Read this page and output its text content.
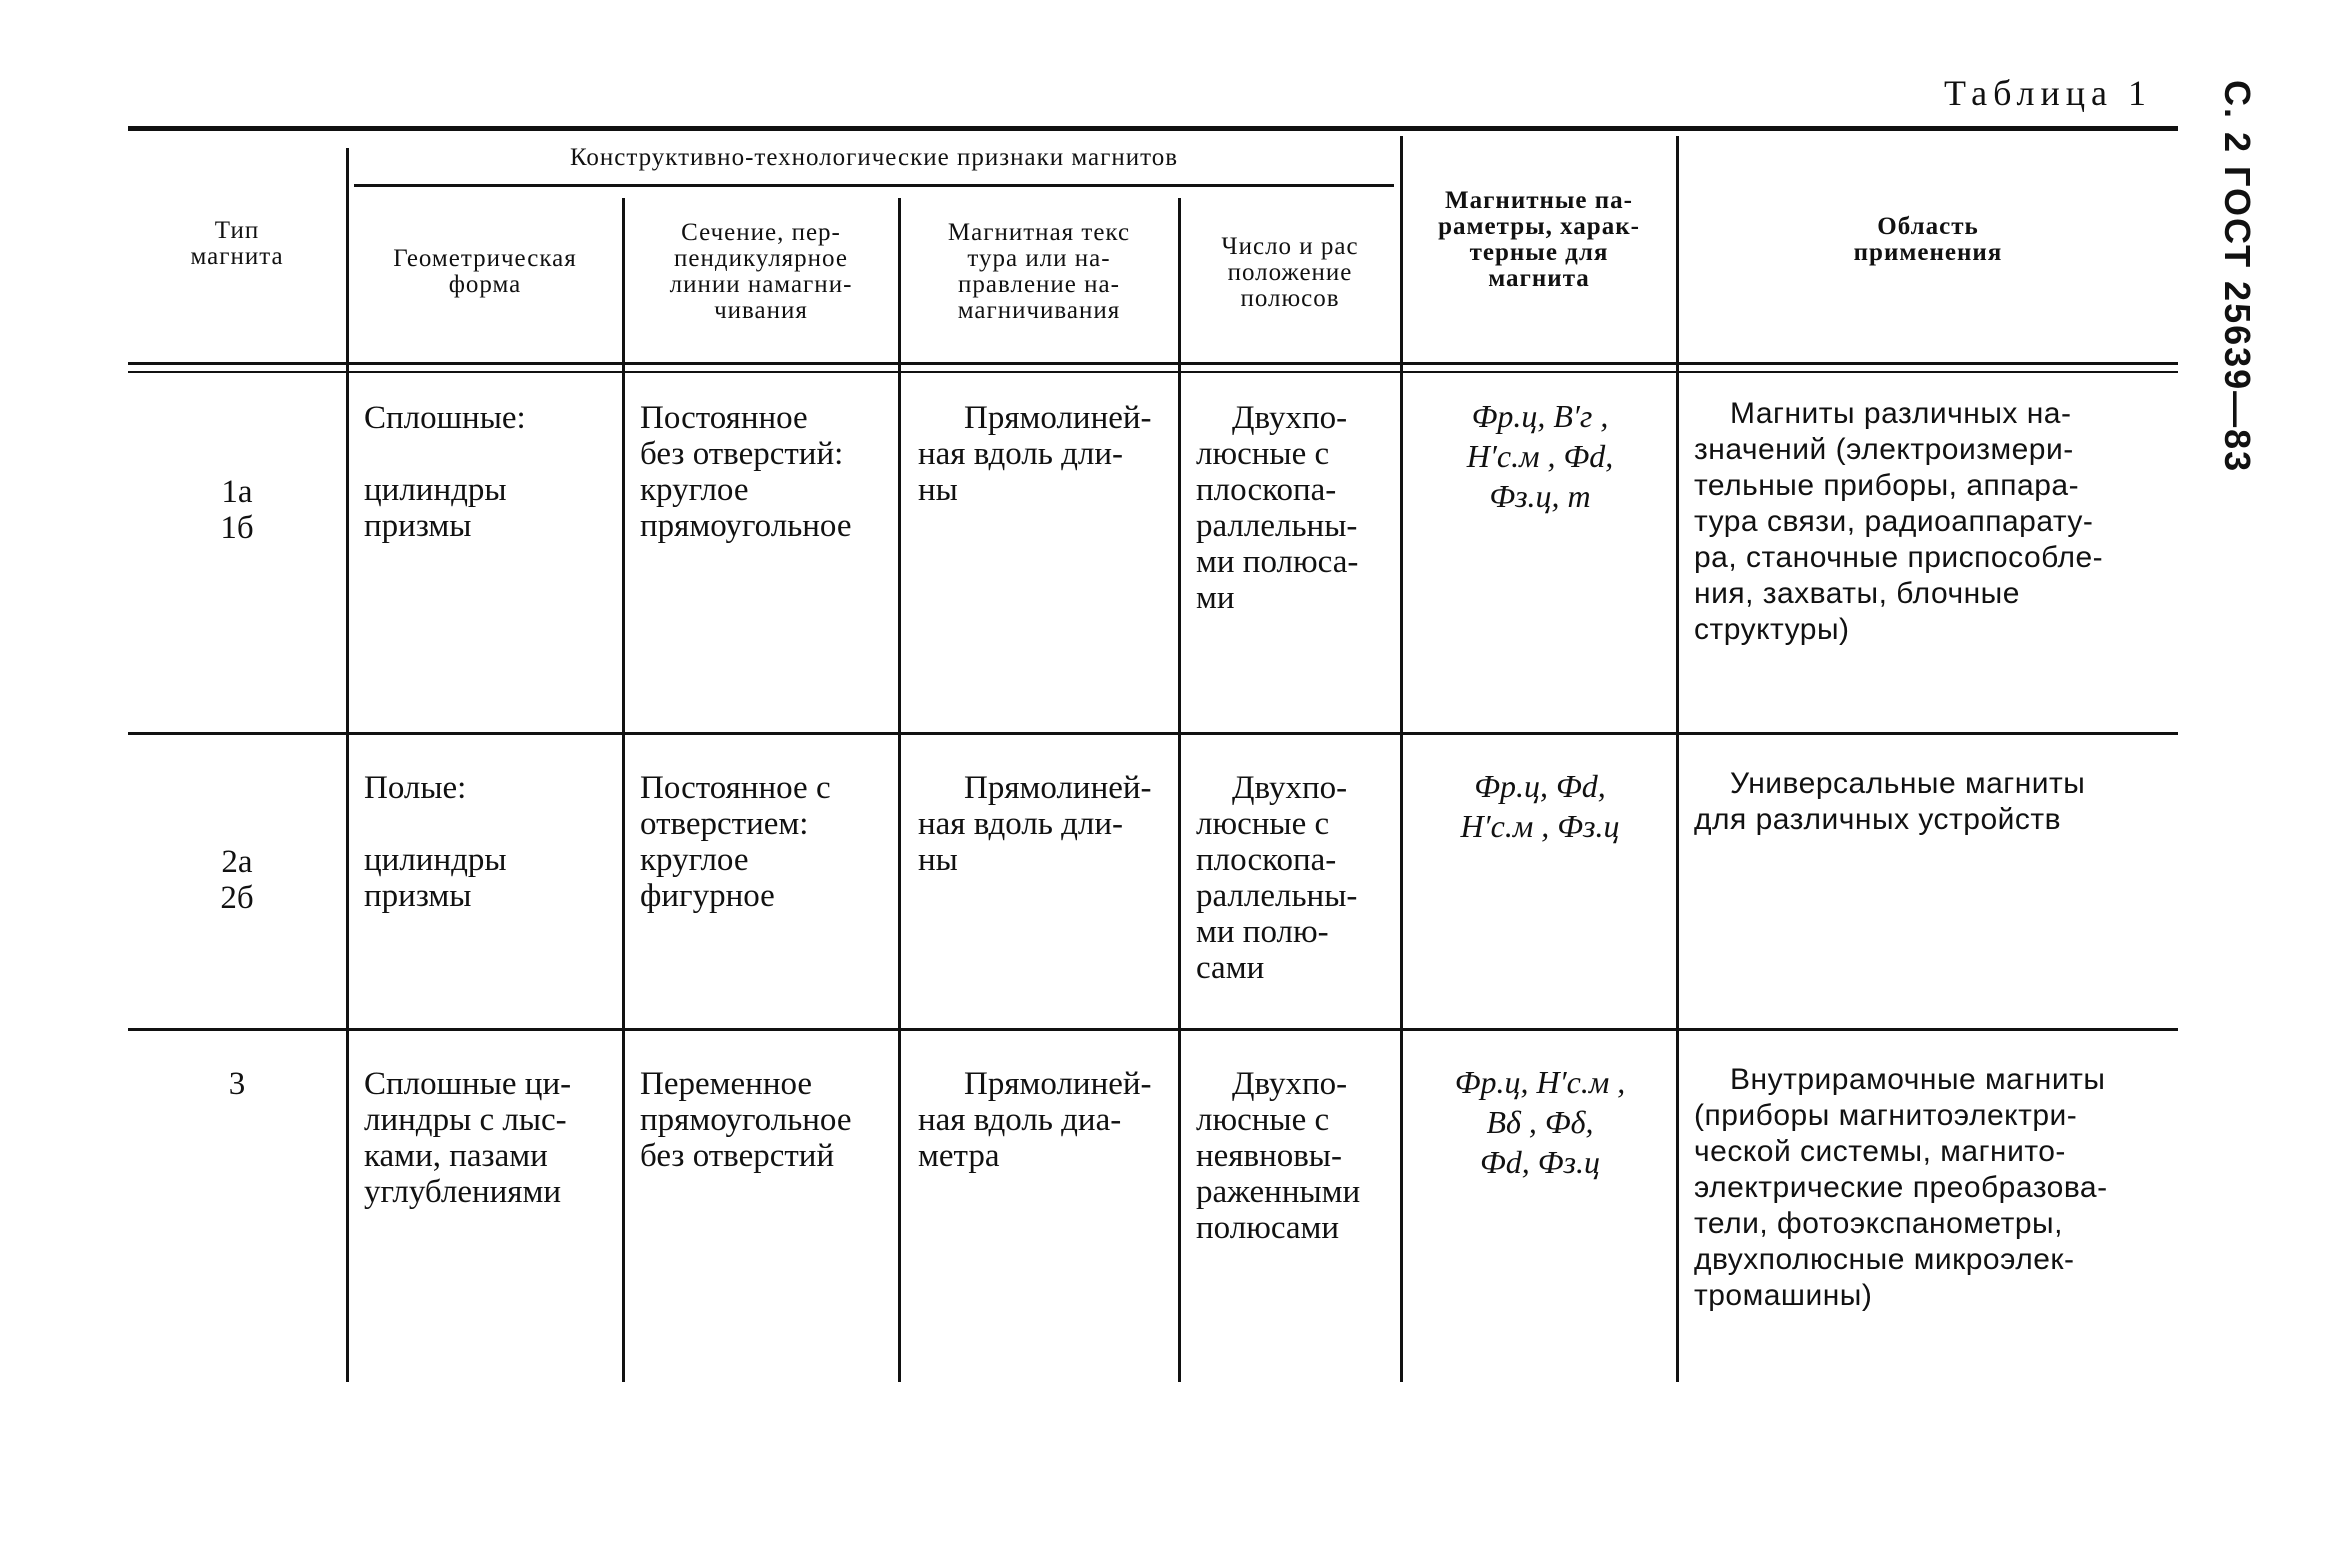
Таблица 1	С. 2 ГОСТ 25639—83
Тип магнита
Конструктивно-технологические признаки магнитов
Геометрическая форма
Сечение, пер-
пендикулярное
линии намагни-
чивания
Магнитная текс
тура или на-
правление на-
магничивания
Число и рас
положение
полюсов
Магнитные па-
раметры, харак-
терные для
магнита
Область
применения
1а
1б
Сплошные:

цилиндры
призмы
Постоянное
без отверстий:
круглое
прямоугольное
Прямолиней-
ная вдоль дли-
ны
Двухпо-
люсные с
плоскопа-
раллельны-
ми полюса-
ми
Фр.ц, B′г ,
H′с.м , Фd,
Фз.ц, m
Магниты различных на-
значений (электроизмери-
тельные приборы, аппара-
тура связи, радиоаппарату-
ра, станочные приспособле-
ния, захваты, блочные
структуры)
2а
2б
Полые:

цилиндры
призмы
Постоянное с
отверстием:
круглое
фигурное
Прямолиней-
ная вдоль дли-
ны
Двухпо-
люсные с
плоскопа-
раллельны-
ми полю-
сами
Фр.ц, Фd,
H′с.м , Фз.ц
Универсальные магниты
для различных устройств
3	Сплошные ци-
линдры с лыс-
ками, пазами
углублениями
Переменное
прямоугольное
без отверстий
Прямолиней-
ная вдоль диа-
метра
Двухпо-
люсные с
неявновы-
раженными
полюсами
Фр.ц, H′с.м ,
Bδ , Фδ,
Фd, Фз.ц
Внутрирамочные магниты
(приборы магнитоэлектри-
ческой системы, магнито-
электрические преобразова-
тели, фотоэкспанометры,
двухполюсные микроэлек-
тромашины)
